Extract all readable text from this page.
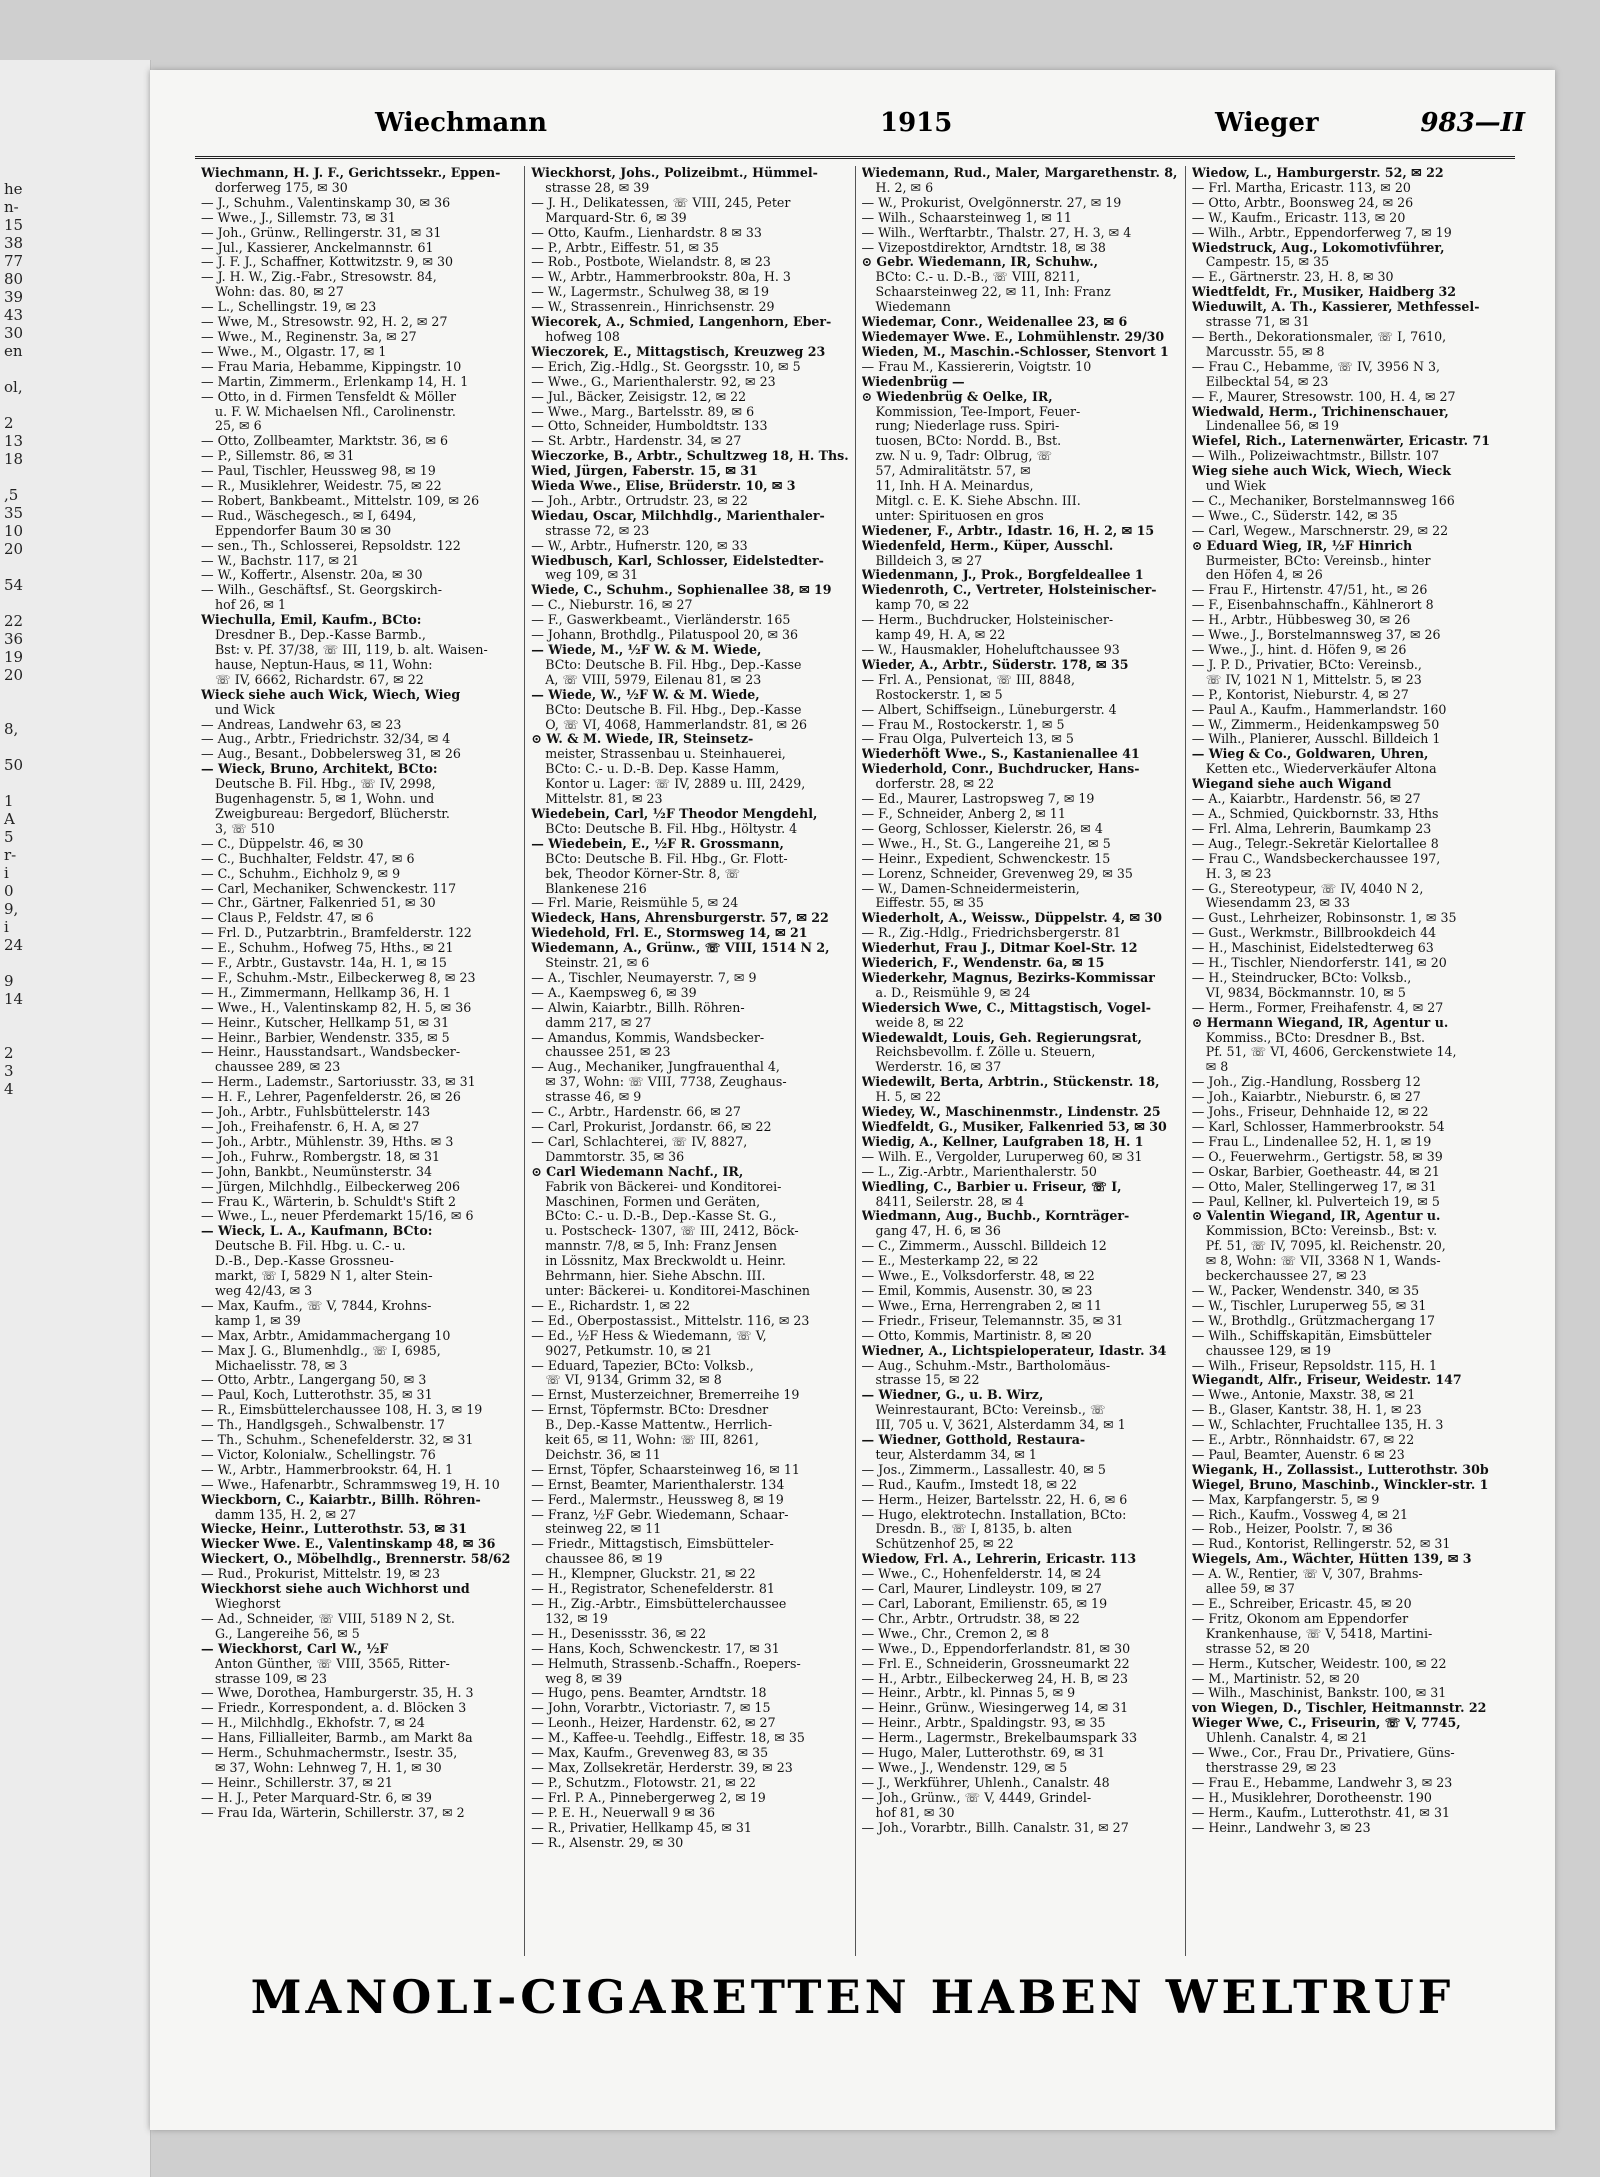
he
n-
15
38
77
80
39
43
30
en

ol,

2
13
18

,5
35
10
20

54

22
36
19
20

8,

50

1
A
5
r-
i
0
9,
i
24

9
14

2
3
4
Wiechmann	1915	Wieger	983—II
Wiechmann, H. J. F., Gerichtssekr., Eppen-
dorferweg 175, ✉ 30
— J., Schuhm., Valentinskamp 30, ✉ 36
— Wwe., J., Sillemstr. 73, ✉ 31
— Joh., Grünw., Rellingerstr. 31, ✉ 31
— Jul., Kassierer, Anckelmannstr. 61
— J. F. J., Schaffner, Kottwitzstr. 9, ✉ 30
— J. H. W., Zig.-Fabr., Stresowstr. 84,
Wohn: das. 80, ✉ 27
— L., Schellingstr. 19, ✉ 23
— Wwe, M., Stresowstr. 92, H. 2, ✉ 27
— Wwe., M., Reginenstr. 3a, ✉ 27
— Wwe., M., Olgastr. 17, ✉ 1
— Frau Maria, Hebamme, Kippingstr. 10
— Martin, Zimmerm., Erlenkamp 14, H. 1
— Otto, in d. Firmen Tensfeldt & Möller
u. F. W. Michaelsen Nfl., Carolinenstr.
25, ✉ 6
— Otto, Zollbeamter, Marktstr. 36, ✉ 6
— P., Sillemstr. 86, ✉ 31
— Paul, Tischler, Heussweg 98, ✉ 19
— R., Musiklehrer, Weidestr. 75, ✉ 22
— Robert, Bankbeamt., Mittelstr. 109, ✉ 26
— Rud., Wäschegesch., ✉ I, 6494,
Eppendorfer Baum 30 ✉ 30
— sen., Th., Schlosserei, Repsoldstr. 122
— W., Bachstr. 117, ✉ 21
— W., Koffertr., Alsenstr. 20a, ✉ 30
— Wilh., Geschäftsf., St. Georgskirch-
hof 26, ✉ 1
Wiechulla, Emil, Kaufm., BCto:
Dresdner B., Dep.-Kasse Barmb.,
Bst: v. Pf. 37/38, ☏ III, 119, b. alt. Waisen-
hause, Neptun-Haus, ✉ 11, Wohn:
☏ IV, 6662, Richardstr. 67, ✉ 22
Wieck siehe auch Wick, Wiech, Wieg
und Wick
— Andreas, Landwehr 63, ✉ 23
— Aug., Arbtr., Friedrichstr. 32/34, ✉ 4
— Aug., Besant., Dobbelersweg 31, ✉ 26
— Wieck, Bruno, Architekt, BCto:
Deutsche B. Fil. Hbg., ☏ IV, 2998,
Bugenhagenstr. 5, ✉ 1, Wohn. und
Zweigbureau: Bergedorf, Blücherstr.
3, ☏ 510
— C., Düppelstr. 46, ✉ 30
— C., Buchhalter, Feldstr. 47, ✉ 6
— C., Schuhm., Eichholz 9, ✉ 9
— Carl, Mechaniker, Schwenckestr. 117
— Chr., Gärtner, Falkenried 51, ✉ 30
— Claus P., Feldstr. 47, ✉ 6
— Frl. D., Putzarbtrin., Bramfelderstr. 122
— E., Schuhm., Hofweg 75, Hths., ✉ 21
— F., Arbtr., Gustavstr. 14a, H. 1, ✉ 15
— F., Schuhm.-Mstr., Eilbeckerweg 8, ✉ 23
— H., Zimmermann, Hellkamp 36, H. 1
— Wwe., H., Valentinskamp 82, H. 5, ✉ 36
— Heinr., Kutscher, Hellkamp 51, ✉ 31
— Heinr., Barbier, Wendenstr. 335, ✉ 5
— Heinr., Hausstandsart., Wandsbecker-
chaussee 289, ✉ 23
— Herm., Lademstr., Sartoriusstr. 33, ✉ 31
— H. F., Lehrer, Pagenfelderstr. 26, ✉ 26
— Joh., Arbtr., Fuhlsbüttelerstr. 143
— Joh., Freihafenstr. 6, H. A, ✉ 27
— Joh., Arbtr., Mühlenstr. 39, Hths. ✉ 3
— Joh., Fuhrw., Rombergstr. 18, ✉ 31
— John, Bankbt., Neumünsterstr. 34
— Jürgen, Milchhdlg., Eilbeckerweg 206
— Frau K., Wärterin, b. Schuldt's Stift 2
— Wwe., L., neuer Pferdemarkt 15/16, ✉ 6
— Wieck, L. A., Kaufmann, BCto:
Deutsche B. Fil. Hbg. u. C.- u.
D.-B., Dep.-Kasse Grossneu-
markt, ☏ I, 5829 N 1, alter Stein-
weg 42/43, ✉ 3
— Max, Kaufm., ☏ V, 7844, Krohns-
kamp 1, ✉ 39
— Max, Arbtr., Amidammachergang 10
— Max J. G., Blumenhdlg., ☏ I, 6985,
Michaelisstr. 78, ✉ 3
— Otto, Arbtr., Langergang 50, ✉ 3
— Paul, Koch, Lutterothstr. 35, ✉ 31
— R., Eimsbüttelerchaussee 108, H. 3, ✉ 19
— Th., Handlgsgeh., Schwalbenstr. 17
— Th., Schuhm., Schenefelderstr. 32, ✉ 31
— Victor, Kolonialw., Schellingstr. 76
— W., Arbtr., Hammerbrookstr. 64, H. 1
— Wwe., Hafenarbtr., Schrammsweg 19, H. 10
Wieckborn, C., Kaiarbtr., Billh. Röhren-
damm 135, H. 2, ✉ 27
Wiecke, Heinr., Lutterothstr. 53, ✉ 31
Wiecker Wwe. E., Valentinskamp 48, ✉ 36
Wieckert, O., Möbelhdlg., Brennerstr. 58/62
— Rud., Prokurist, Mittelstr. 19, ✉ 23
Wieckhorst siehe auch Wichhorst und
Wieghorst
— Ad., Schneider, ☏ VIII, 5189 N 2, St.
G., Langereihe 56, ✉ 5
— Wieckhorst, Carl W., ½F
Anton Günther, ☏ VIII, 3565, Ritter-
strasse 109, ✉ 23
— Wwe, Dorothea, Hamburgerstr. 35, H. 3
— Friedr., Korrespondent, a. d. Blöcken 3
— H., Milchhdlg., Ekhofstr. 7, ✉ 24
— Hans, Fillialleiter, Barmb., am Markt 8a
— Herm., Schuhmachermstr., Isestr. 35,
✉ 37, Wohn: Lehnweg 7, H. 1, ✉ 30
— Heinr., Schillerstr. 37, ✉ 21
— H. J., Peter Marquard-Str. 6, ✉ 39
— Frau Ida, Wärterin, Schillerstr. 37, ✉ 2
Wieckhorst, Johs., Polizeibmt., Hümmel-
strasse 28, ✉ 39
— J. H., Delikatessen, ☏ VIII, 245, Peter
Marquard-Str. 6, ✉ 39
— Otto, Kaufm., Lienhardstr. 8 ✉ 33
— P., Arbtr., Eiffestr. 51, ✉ 35
— Rob., Postbote, Wielandstr. 8, ✉ 23
— W., Arbtr., Hammerbrookstr. 80a, H. 3
— W., Lagermstr., Schulweg 38, ✉ 19
— W., Strassenrein., Hinrichsenstr. 29
Wiecorek, A., Schmied, Langenhorn, Eber-
hofweg 108
Wieczorek, E., Mittagstisch, Kreuzweg 23
— Erich, Zig.-Hdlg., St. Georgsstr. 10, ✉ 5
— Wwe., G., Marienthalerstr. 92, ✉ 23
— Jul., Bäcker, Zeisigstr. 12, ✉ 22
— Wwe., Marg., Bartelsstr. 89, ✉ 6
— Otto, Schneider, Humboldtstr. 133
— St. Arbtr., Hardenstr. 34, ✉ 27
Wieczorke, B., Arbtr., Schultzweg 18, H. Ths.
Wied, Jürgen, Faberstr. 15, ✉ 31
Wieda Wwe., Elise, Brüderstr. 10, ✉ 3
— Joh., Arbtr., Ortrudstr. 23, ✉ 22
Wiedau, Oscar, Milchhdlg., Marienthaler-
strasse 72, ✉ 23
— W., Arbtr., Hufnerstr. 120, ✉ 33
Wiedbusch, Karl, Schlosser, Eidelstedter-
weg 109, ✉ 31
Wiede, C., Schuhm., Sophienallee 38, ✉ 19
— C., Nieburstr. 16, ✉ 27
— F., Gaswerkbeamt., Vierländerstr. 165
— Johann, Brothdlg., Pilatuspool 20, ✉ 36
— Wiede, M., ½F W. & M. Wiede,
BCto: Deutsche B. Fil. Hbg., Dep.-Kasse
A, ☏ VIII, 5979, Eilenau 81, ✉ 23
— Wiede, W., ½F W. & M. Wiede,
BCto: Deutsche B. Fil. Hbg., Dep.-Kasse
O, ☏ VI, 4068, Hammerlandstr. 81, ✉ 26
⊙ W. & M. Wiede, IR, Steinsetz-
meister, Strassenbau u. Steinhauerei,
BCto: C.- u. D.-B. Dep. Kasse Hamm,
Kontor u. Lager: ☏ IV, 2889 u. III, 2429,
Mittelstr. 81, ✉ 23
Wiedebein, Carl, ½F Theodor Mengdehl,
BCto: Deutsche B. Fil. Hbg., Höltystr. 4
— Wiedebein, E., ½F R. Grossmann,
BCto: Deutsche B. Fil. Hbg., Gr. Flott-
bek, Theodor Körner-Str. 8, ☏
Blankenese 216
— Frl. Marie, Reismühle 5, ✉ 24
Wiedeck, Hans, Ahrensburgerstr. 57, ✉ 22
Wiedehold, Frl. E., Stormsweg 14, ✉ 21
Wiedemann, A., Grünw., ☏ VIII, 1514 N 2,
Steinstr. 21, ✉ 6
— A., Tischler, Neumayerstr. 7, ✉ 9
— A., Kaempsweg 6, ✉ 39
— Alwin, Kaiarbtr., Billh. Röhren-
damm 217, ✉ 27
— Amandus, Kommis, Wandsbecker-
chaussee 251, ✉ 23
— Aug., Mechaniker, Jungfrauenthal 4,
✉ 37, Wohn: ☏ VIII, 7738, Zeughaus-
strasse 46, ✉ 9
— C., Arbtr., Hardenstr. 66, ✉ 27
— Carl, Prokurist, Jordanstr. 66, ✉ 22
— Carl, Schlachterei, ☏ IV, 8827,
Dammtorstr. 35, ✉ 36
⊙ Carl Wiedemann Nachf., IR,
Fabrik von Bäckerei- und Konditorei-
Maschinen, Formen und Geräten,
BCto: C.- u. D.-B., Dep.-Kasse St. G.,
u. Postscheck- 1307, ☏ III, 2412, Böck-
mannstr. 7/8, ✉ 5, Inh: Franz Jensen
in Lössnitz, Max Breckwoldt u. Heinr.
Behrmann, hier. Siehe Abschn. III.
unter: Bäckerei- u. Konditorei-Maschinen
— E., Richardstr. 1, ✉ 22
— Ed., Oberpostassist., Mittelstr. 116, ✉ 23
— Ed., ½F Hess & Wiedemann, ☏ V,
9027, Petkumstr. 10, ✉ 21
— Eduard, Tapezier, BCto: Volksb.,
☏ VI, 9134, Grimm 32, ✉ 8
— Ernst, Musterzeichner, Bremerreihe 19
— Ernst, Töpfermstr. BCto: Dresdner
B., Dep.-Kasse Mattentw., Herrlich-
keit 65, ✉ 11, Wohn: ☏ III, 8261,
Deichstr. 36, ✉ 11
— Ernst, Töpfer, Schaarsteinweg 16, ✉ 11
— Ernst, Beamter, Marienthalerstr. 134
— Ferd., Malermstr., Heussweg 8, ✉ 19
— Franz, ½F Gebr. Wiedemann, Schaar-
steinweg 22, ✉ 11
— Friedr., Mittagstisch, Eimsbütteler-
chaussee 86, ✉ 19
— H., Klempner, Gluckstr. 21, ✉ 22
— H., Registrator, Schenefelderstr. 81
— H., Zig.-Arbtr., Eimsbüttelerchaussee
132, ✉ 19
— H., Desenissstr. 36, ✉ 22
— Hans, Koch, Schwenckestr. 17, ✉ 31
— Helmuth, Strassenb.-Schaffn., Roepers-
weg 8, ✉ 39
— Hugo, pens. Beamter, Arndtstr. 18
— John, Vorarbtr., Victoriastr. 7, ✉ 15
— Leonh., Heizer, Hardenstr. 62, ✉ 27
— M., Kaffee-u. Teehdlg., Eiffestr. 18, ✉ 35
— Max, Kaufm., Grevenweg 83, ✉ 35
— Max, Zollsekretär, Herderstr. 39, ✉ 23
— P., Schutzm., Flotowstr. 21, ✉ 22
— Frl. P. A., Pinnebergerweg 2, ✉ 19
— P. E. H., Neuerwall 9 ✉ 36
— R., Privatier, Hellkamp 45, ✉ 31
— R., Alsenstr. 29, ✉ 30
Wiedemann, Rud., Maler, Margarethenstr. 8,
H. 2, ✉ 6
— W., Prokurist, Övelgönnerstr. 27, ✉ 19
— Wilh., Schaarsteinweg 1, ✉ 11
— Wilh., Werftarbtr., Thalstr. 27, H. 3, ✉ 4
— Vizepostdirektor, Arndtstr. 18, ✉ 38
⊙ Gebr. Wiedemann, IR, Schuhw.,
BCto: C.- u. D.-B., ☏ VIII, 8211,
Schaarsteinweg 22, ✉ 11, Inh: Franz
Wiedemann
Wiedemar, Conr., Weidenallee 23, ✉ 6
Wiedemayer Wwe. E., Lohmühlenstr. 29/30
Wieden, M., Maschin.-Schlosser, Stenvort 1
— Frau M., Kassiererin, Voigtstr. 10
Wiedenbrüg —
⊙ Wiedenbrüg & Oelke, IR,
Kommission, Tee-Import, Feuer-
rung; Niederlage russ. Spiri-
tuosen, BCto: Nordd. B., Bst.
zw. N u. 9, Tadr: Olbrug, ☏
57, Admiralitätstr. 57, ✉
11, Inh. H A. Meinardus,
Mitgl. c. E. K. Siehe Abschn. III.
unter: Spirituosen en gros
Wiedener, F., Arbtr., Idastr. 16, H. 2, ✉ 15
Wiedenfeld, Herm., Küper, Ausschl.
Billdeich 3, ✉ 27
Wiedenmann, J., Prok., Borgfeldeallee 1
Wiedenroth, C., Vertreter, Holsteinischer-
kamp 70, ✉ 22
— Herm., Buchdrucker, Holsteinischer-
kamp 49, H. A, ✉ 22
— W., Hausmakler, Hoheluftchaussee 93
Wieder, A., Arbtr., Süderstr. 178, ✉ 35
— Frl. A., Pensionat, ☏ III, 8848,
Rostockerstr. 1, ✉ 5
— Albert, Schiffseign., Lüneburgerstr. 4
— Frau M., Rostockerstr. 1, ✉ 5
— Frau Olga, Pulverteich 13, ✉ 5
Wiederhöft Wwe., S., Kastanienallee 41
Wiederhold, Conr., Buchdrucker, Hans-
dorferstr. 28, ✉ 22
— Ed., Maurer, Lastropsweg 7, ✉ 19
— F., Schneider, Anberg 2, ✉ 11
— Georg, Schlosser, Kielerstr. 26, ✉ 4
— Wwe., H., St. G., Langereihe 21, ✉ 5
— Heinr., Expedient, Schwenckestr. 15
— Lorenz, Schneider, Grevenweg 29, ✉ 35
— W., Damen-Schneidermeisterin,
Eiffestr. 55, ✉ 35
Wiederholt, A., Weissw., Düppelstr. 4, ✉ 30
— R., Zig.-Hdlg., Friedrichsbergerstr. 81
Wiederhut, Frau J., Ditmar Koel-Str. 12
Wiederich, F., Wendenstr. 6a, ✉ 15
Wiederkehr, Magnus, Bezirks-Kommissar
a. D., Reismühle 9, ✉ 24
Wiedersich Wwe, C., Mittagstisch, Vogel-
weide 8, ✉ 22
Wiedewaldt, Louis, Geh. Regierungsrat,
Reichsbevollm. f. Zölle u. Steuern,
Werderstr. 16, ✉ 37
Wiedewilt, Berta, Arbtrin., Stückenstr. 18,
H. 5, ✉ 22
Wiedey, W., Maschinenmstr., Lindenstr. 25
Wiedfeldt, G., Musiker, Falkenried 53, ✉ 30
Wiedig, A., Kellner, Laufgraben 18, H. 1
— Wilh. E., Vergolder, Luruperweg 60, ✉ 31
— L., Zig.-Arbtr., Marienthalerstr. 50
Wiedling, C., Barbier u. Friseur, ☏ I,
8411, Seilerstr. 28, ✉ 4
Wiedmann, Aug., Buchb., Kornträger-
gang 47, H. 6, ✉ 36
— C., Zimmerm., Ausschl. Billdeich 12
— E., Mesterkamp 22, ✉ 22
— Wwe., E., Volksdorferstr. 48, ✉ 22
— Emil, Kommis, Ausenstr. 30, ✉ 23
— Wwe., Erna, Herrengraben 2, ✉ 11
— Friedr., Friseur, Telemannstr. 35, ✉ 31
— Otto, Kommis, Martinistr. 8, ✉ 20
Wiedner, A., Lichtspieloperateur, Idastr. 34
— Aug., Schuhm.-Mstr., Bartholomäus-
strasse 15, ✉ 22
— Wiedner, G., u. B. Wirz,
Weinrestaurant, BCto: Vereinsb., ☏
III, 705 u. V, 3621, Alsterdamm 34, ✉ 1
— Wiedner, Gotthold, Restaura-
teur, Alsterdamm 34, ✉ 1
— Jos., Zimmerm., Lassallestr. 40, ✉ 5
— Rud., Kaufm., Imstedt 18, ✉ 22
— Herm., Heizer, Bartelsstr. 22, H. 6, ✉ 6
— Hugo, elektrotechn. Installation, BCto:
Dresdn. B., ☏ I, 8135, b. alten
Schützenhof 25, ✉ 22
Wiedow, Frl. A., Lehrerin, Ericastr. 113
— Wwe., C., Hohenfelderstr. 14, ✉ 24
— Carl, Maurer, Lindleystr. 109, ✉ 27
— Carl, Laborant, Emilienstr. 65, ✉ 19
— Chr., Arbtr., Ortrudstr. 38, ✉ 22
— Wwe., Chr., Cremon 2, ✉ 8
— Wwe., D., Eppendorferlandstr. 81, ✉ 30
— Frl. E., Schneiderin, Grossneumarkt 22
— H., Arbtr., Eilbeckerweg 24, H. B, ✉ 23
— Heinr., Arbtr., kl. Pinnas 5, ✉ 9
— Heinr., Grünw., Wiesingerweg 14, ✉ 31
— Heinr., Arbtr., Spaldingstr. 93, ✉ 35
— Herm., Lagermstr., Brekelbaumspark 33
— Hugo, Maler, Lutterothstr. 69, ✉ 31
— Wwe., J., Wendenstr. 129, ✉ 5
— J., Werkführer, Uhlenh., Canalstr. 48
— Joh., Grünw., ☏ V, 4449, Grindel-
hof 81, ✉ 30
— Joh., Vorarbtr., Billh. Canalstr. 31, ✉ 27
Wiedow, L., Hamburgerstr. 52, ✉ 22
— Frl. Martha, Ericastr. 113, ✉ 20
— Otto, Arbtr., Boonsweg 24, ✉ 26
— W., Kaufm., Ericastr. 113, ✉ 20
— Wilh., Arbtr., Eppendorferweg 7, ✉ 19
Wiedstruck, Aug., Lokomotivführer,
Campestr. 15, ✉ 35
— E., Gärtnerstr. 23, H. 8, ✉ 30
Wiedtfeldt, Fr., Musiker, Haidberg 32
Wieduwilt, A. Th., Kassierer, Methfessel-
strasse 71, ✉ 31
— Berth., Dekorationsmaler, ☏ I, 7610,
Marcusstr. 55, ✉ 8
— Frau C., Hebamme, ☏ IV, 3956 N 3,
Eilbecktal 54, ✉ 23
— F., Maurer, Stresowstr. 100, H. 4, ✉ 27
Wiedwald, Herm., Trichinenschauer,
Lindenallee 56, ✉ 19
Wiefel, Rich., Laternenwärter, Ericastr. 71
— Wilh., Polizeiwachtmstr., Billstr. 107
Wieg siehe auch Wick, Wiech, Wieck
und Wiek
— C., Mechaniker, Borstelmannsweg 166
— Wwe., C., Süderstr. 142, ✉ 35
— Carl, Wegew., Marschnerstr. 29, ✉ 22
⊙ Eduard Wieg, IR, ½F Hinrich
Burmeister, BCto: Vereinsb., hinter
den Höfen 4, ✉ 26
— Frau F., Hirtenstr. 47/51, ht., ✉ 26
— F., Eisenbahnschaffn., Kählnerort 8
— H., Arbtr., Hübbesweg 30, ✉ 26
— Wwe., J., Borstelmannsweg 37, ✉ 26
— Wwe., J., hint. d. Höfen 9, ✉ 26
— J. P. D., Privatier, BCto: Vereinsb.,
☏ IV, 1021 N 1, Mittelstr. 5, ✉ 23
— P., Kontorist, Nieburstr. 4, ✉ 27
— Paul A., Kaufm., Hammerlandstr. 160
— W., Zimmerm., Heidenkampsweg 50
— Wilh., Planierer, Ausschl. Billdeich 1
— Wieg & Co., Goldwaren, Uhren,
Ketten etc., Wiederverkäufer Altona
Wiegand siehe auch Wigand
— A., Kaiarbtr., Hardenstr. 56, ✉ 27
— A., Schmied, Quickbornstr. 33, Hths
— Frl. Alma, Lehrerin, Baumkamp 23
— Aug., Telegr.-Sekretär Kielortallee 8
— Frau C., Wandsbeckerchaussee 197,
H. 3, ✉ 23
— G., Stereotypeur, ☏ IV, 4040 N 2,
Wiesendamm 23, ✉ 33
— Gust., Lehrheizer, Robinsonstr. 1, ✉ 35
— Gust., Werkmstr., Billbrookdeich 44
— H., Maschinist, Eidelstedterweg 63
— H., Tischler, Niendorferstr. 141, ✉ 20
— H., Steindrucker, BCto: Volksb.,
VI, 9834, Böckmannstr. 10, ✉ 5
— Herm., Former, Freihafenstr. 4, ✉ 27
⊙ Hermann Wiegand, IR, Agentur u.
Kommiss., BCto: Dresdner B., Bst.
Pf. 51, ☏ VI, 4606, Gerckenstwiete 14,
✉ 8
— Joh., Zig.-Handlung, Rossberg 12
— Joh., Kaiarbtr., Nieburstr. 6, ✉ 27
— Johs., Friseur, Dehnhaide 12, ✉ 22
— Karl, Schlosser, Hammerbrookstr. 54
— Frau L., Lindenallee 52, H. 1, ✉ 19
— O., Feuerwehrm., Gertigstr. 58, ✉ 39
— Oskar, Barbier, Goetheastr. 44, ✉ 21
— Otto, Maler, Stellingerweg 17, ✉ 31
— Paul, Kellner, kl. Pulverteich 19, ✉ 5
⊙ Valentin Wiegand, IR, Agentur u.
Kommission, BCto: Vereinsb., Bst: v.
Pf. 51, ☏ IV, 7095, kl. Reichenstr. 20,
✉ 8, Wohn: ☏ VII, 3368 N 1, Wands-
beckerchaussee 27, ✉ 23
— W., Packer, Wendenstr. 340, ✉ 35
— W., Tischler, Luruperweg 55, ✉ 31
— W., Brothdlg., Grützmachergang 17
— Wilh., Schiffskapitän, Eimsbütteler
chaussee 129, ✉ 19
— Wilh., Friseur, Repsoldstr. 115, H. 1
Wiegandt, Alfr., Friseur, Weidestr. 147
— Wwe., Antonie, Maxstr. 38, ✉ 21
— B., Glaser, Kantstr. 38, H. 1, ✉ 23
— W., Schlachter, Fruchtallee 135, H. 3
— E., Arbtr., Rönnhaidstr. 67, ✉ 22
— Paul, Beamter, Auenstr. 6 ✉ 23
Wiegank, H., Zollassist., Lutterothstr. 30b
Wiegel, Bruno, Maschinb., Winckler-str. 1
— Max, Karpfangerstr. 5, ✉ 9
— Rich., Kaufm., Vossweg 4, ✉ 21
— Rob., Heizer, Poolstr. 7, ✉ 36
— Rud., Kontorist, Rellingerstr. 52, ✉ 31
Wiegels, Am., Wächter, Hütten 139, ✉ 3
— A. W., Rentier, ☏ V, 307, Brahms-
allee 59, ✉ 37
— E., Schreiber, Ericastr. 45, ✉ 20
— Fritz, Ökonom am Eppendorfer
Krankenhause, ☏ V, 5418, Martini-
strasse 52, ✉ 20
— Herm., Kutscher, Weidestr. 100, ✉ 22
— M., Martinistr. 52, ✉ 20
— Wilh., Maschinist, Bankstr. 100, ✉ 31
von Wiegen, D., Tischler, Heitmannstr. 22
Wieger Wwe, C., Friseurin, ☏ V, 7745,
Uhlenh. Canalstr. 4, ✉ 21
— Wwe., Cor., Frau Dr., Privatiere, Güns-
therstrasse 29, ✉ 23
— Frau E., Hebamme, Landwehr 3, ✉ 23
— H., Musiklehrer, Dorotheenstr. 190
— Herm., Kaufm., Lutterothstr. 41, ✉ 31
— Heinr., Landwehr 3, ✉ 23
MANOLI-CIGARETTEN HABEN WELTRUF
